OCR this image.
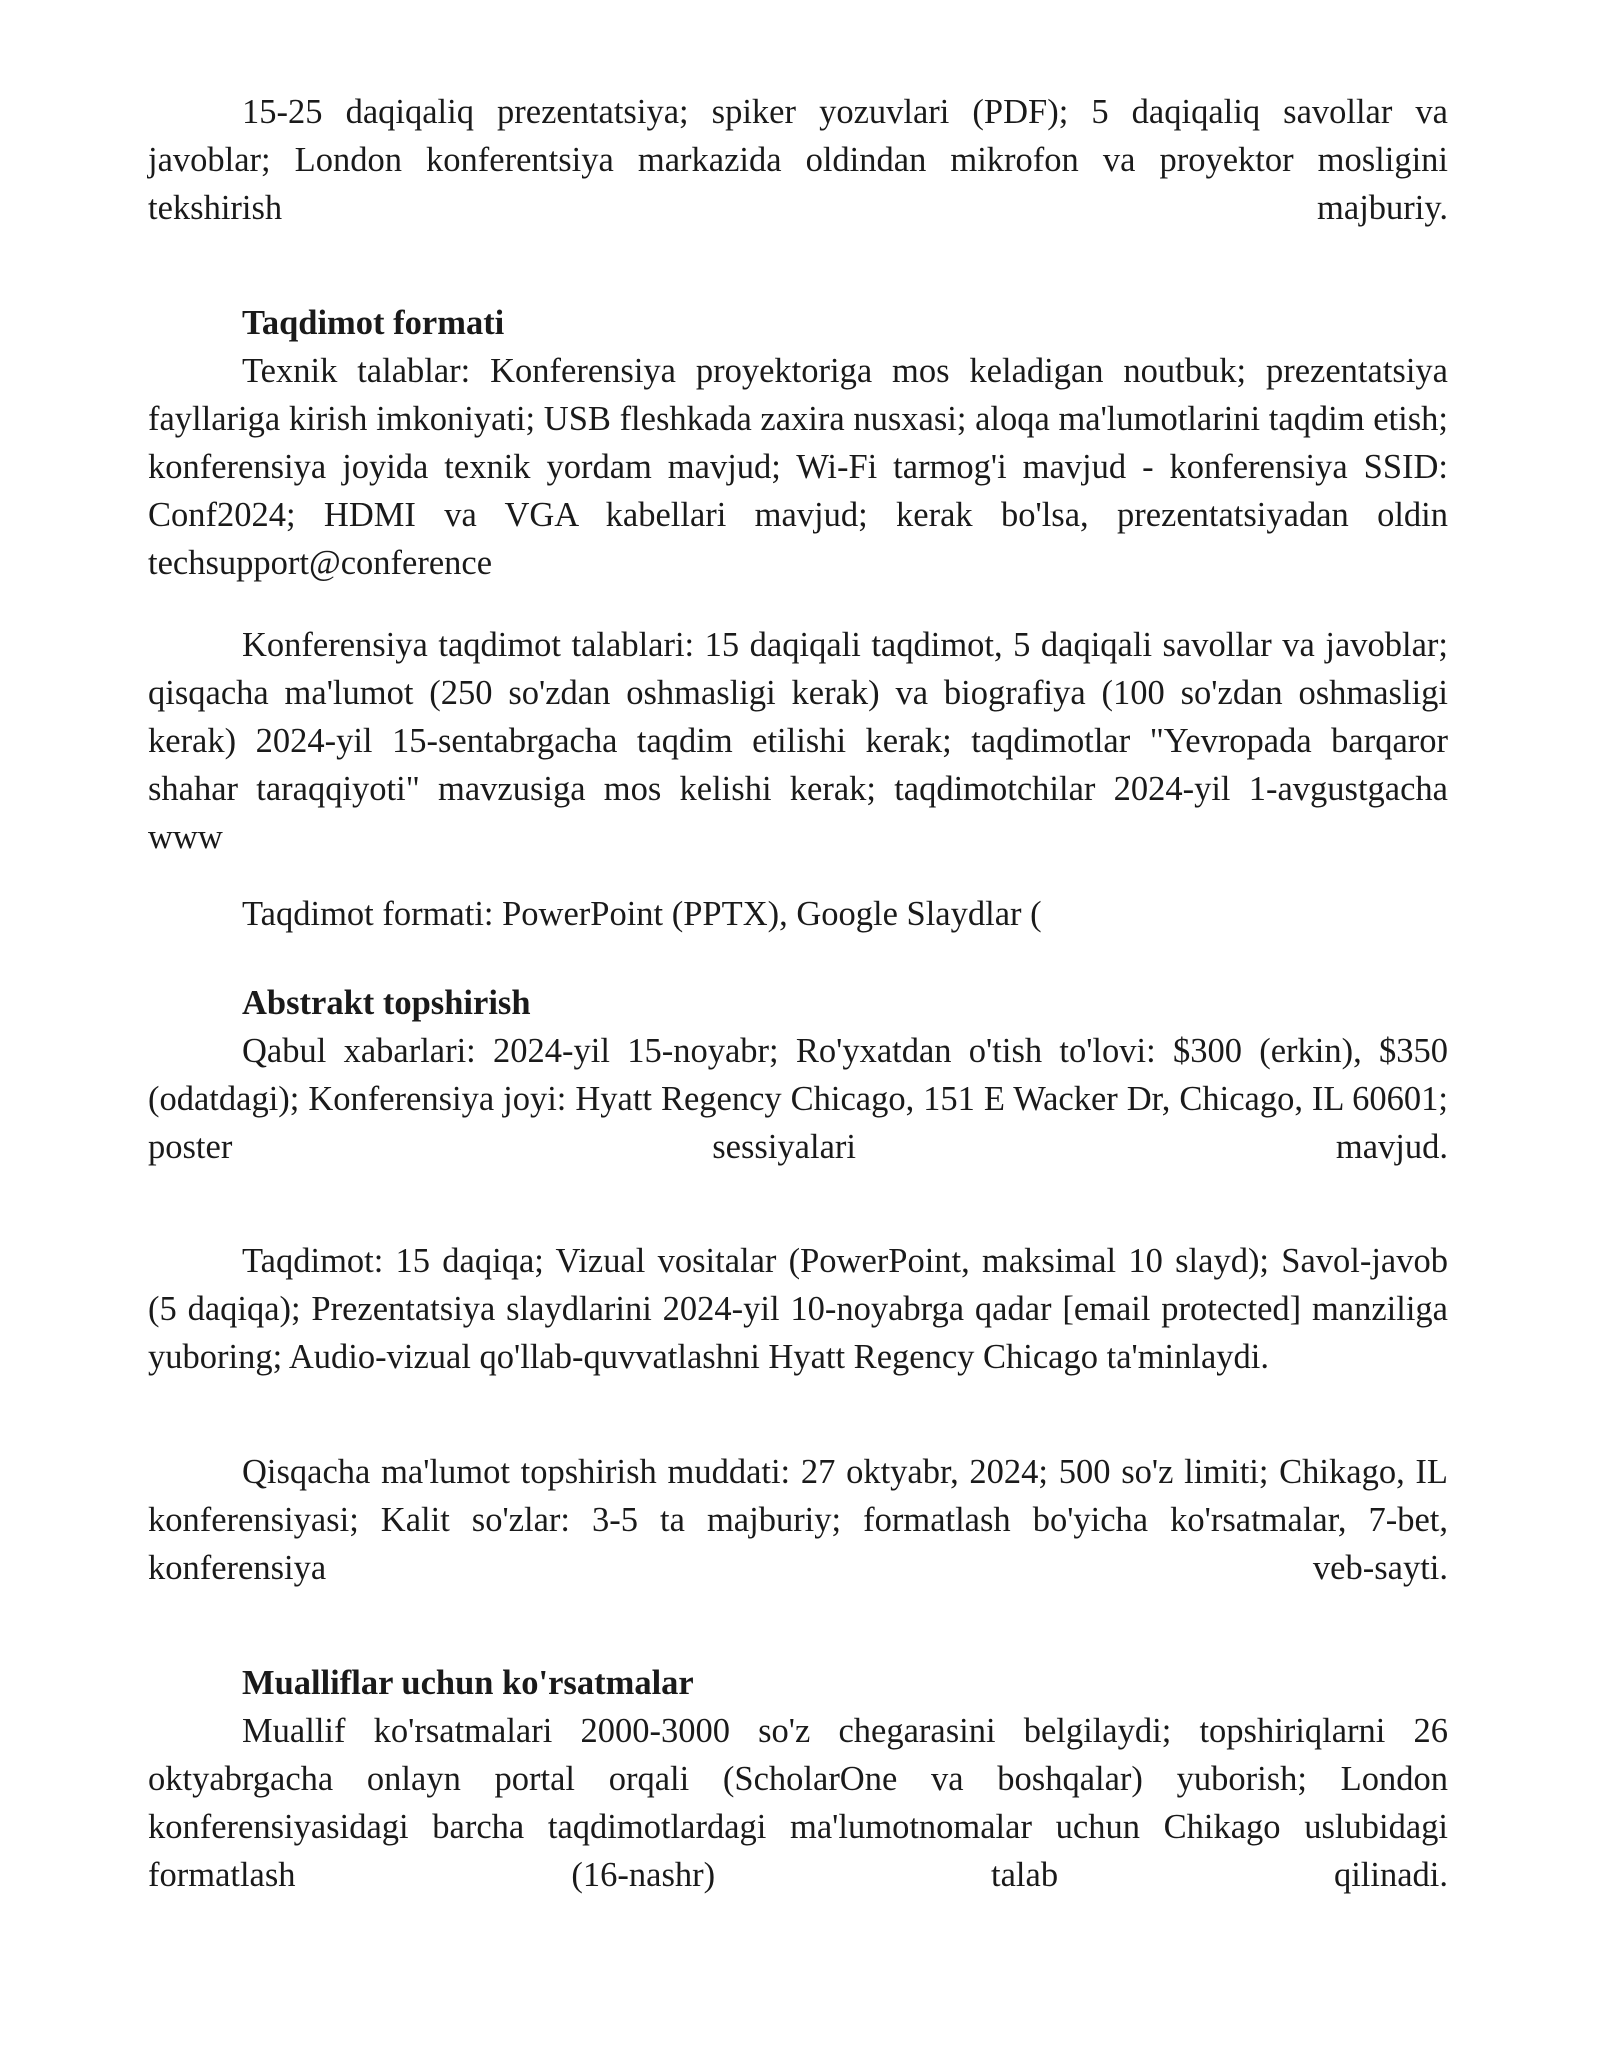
15-25 daqiqaliq prezentatsiya; spiker yozuvlari (PDF); 5 daqiqaliq savollar va javoblar; London konferentsiya markazida oldindan mikrofon va proyektor mosligini tekshirish majburiy.

Taqdimot formati

Texnik talablar: Konferensiya proyektoriga mos keladigan noutbuk; prezentatsiya fayllariga kirish imkoniyati; USB fleshkada zaxira nusxasi; aloqa ma'lumotlarini taqdim etish; konferensiya joyida texnik yordam mavjud; Wi-Fi tarmog'i mavjud - konferensiya SSID: Conf2024; HDMI va VGA kabellari mavjud; kerak bo'lsa, prezentatsiyadan oldin techsupport@conference

Konferensiya taqdimot talablari: 15 daqiqali taqdimot, 5 daqiqali savollar va javoblar; qisqacha ma'lumot (250 so'zdan oshmasligi kerak) va biografiya (100 so'zdan oshmasligi kerak) 2024-yil 15-sentabrgacha taqdim etilishi kerak; taqdimotlar "Yevropada barqaror shahar taraqqiyoti" mavzusiga mos kelishi kerak; taqdimotchilar 2024-yil 1-avgustgacha www

Taqdimot formati: PowerPoint (PPTX), Google Slaydlar (

Abstrakt topshirish

Qabul xabarlari: 2024-yil 15-noyabr; Ro'yxatdan o'tish to'lovi: $300 (erkin), $350 (odatdagi); Konferensiya joyi: Hyatt Regency Chicago, 151 E Wacker Dr, Chicago, IL 60601; poster sessiyalari mavjud.

Taqdimot: 15 daqiqa; Vizual vositalar (PowerPoint, maksimal 10 slayd); Savol-javob (5 daqiqa); Prezentatsiya slaydlarini 2024-yil 10-noyabrga qadar [email protected] manziliga yuboring; Audio-vizual qo'llab-quvvatlashni Hyatt Regency Chicago ta'minlaydi.

Qisqacha ma'lumot topshirish muddati: 27 oktyabr, 2024; 500 so'z limiti; Chikago, IL konferensiyasi; Kalit so'zlar: 3-5 ta majburiy; formatlash bo'yicha ko'rsatmalar, 7-bet, konferensiya veb-sayti.

Mualliflar uchun ko'rsatmalar

Muallif ko'rsatmalari 2000-3000 so'z chegarasini belgilaydi; topshiriqlarni 26 oktyabrgacha onlayn portal orqali (ScholarOne va boshqalar) yuborish; London konferensiyasidagi barcha taqdimotlardagi ma'lumotnomalar uchun Chikago uslubidagi formatlash (16-nashr) talab qilinadi.
